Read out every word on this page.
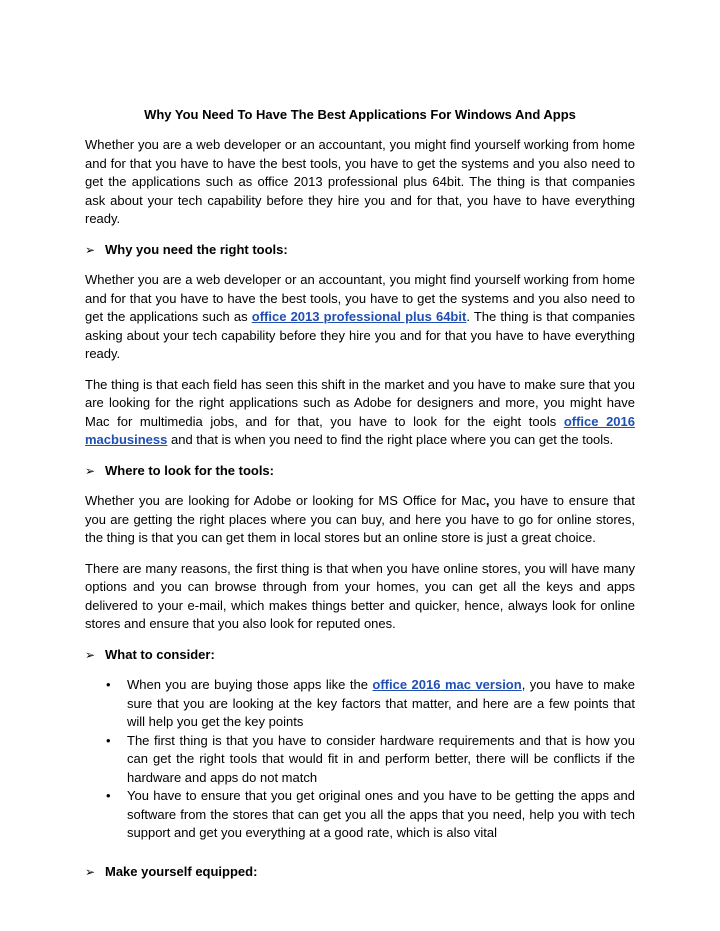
Why You Need To Have The Best Applications For Windows And Apps

Whether you are a web developer or an accountant, you might find yourself working from home and for that you have to have the best tools, you have to get the systems and you also need to get the applications such as office 2013 professional plus 64bit. The thing is that companies ask about your tech capability before they hire you and for that, you have to have everything ready.

➢ Why you need the right tools:

Whether you are a web developer or an accountant, you might find yourself working from home and for that you have to have the best tools, you have to get the systems and you also need to get the applications such as office 2013 professional plus 64bit. The thing is that companies asking about your tech capability before they hire you and for that you have to have everything ready.

The thing is that each field has seen this shift in the market and you have to make sure that you are looking for the right applications such as Adobe for designers and more, you might have Mac for multimedia jobs, and for that, you have to look for the eight tools office 2016 macbusiness and that is when you need to find the right place where you can get the tools.

➢ Where to look for the tools:

Whether you are looking for Adobe or looking for MS Office for Mac, you have to ensure that you are getting the right places where you can buy, and here you have to go for online stores, the thing is that you can get them in local stores but an online store is just a great choice.

There are many reasons, the first thing is that when you have online stores, you will have many options and you can browse through from your homes, you can get all the keys and apps delivered to your e-mail, which makes things better and quicker, hence, always look for online stores and ensure that you also look for reputed ones.

➢ What to consider:
•	When you are buying those apps like the office 2016 mac version, you have to make sure that you are looking at the key factors that matter, and here are a few points that will help you get the key points
•	The first thing is that you have to consider hardware requirements and that is how you can get the right tools that would fit in and perform better, there will be conflicts if the hardware and apps do not match
•	You have to ensure that you get original ones and you have to be getting the apps and software from the stores that can get you all the apps that you need, help you with tech support and get you everything at a good rate, which is also vital
➢ Make yourself equipped:
